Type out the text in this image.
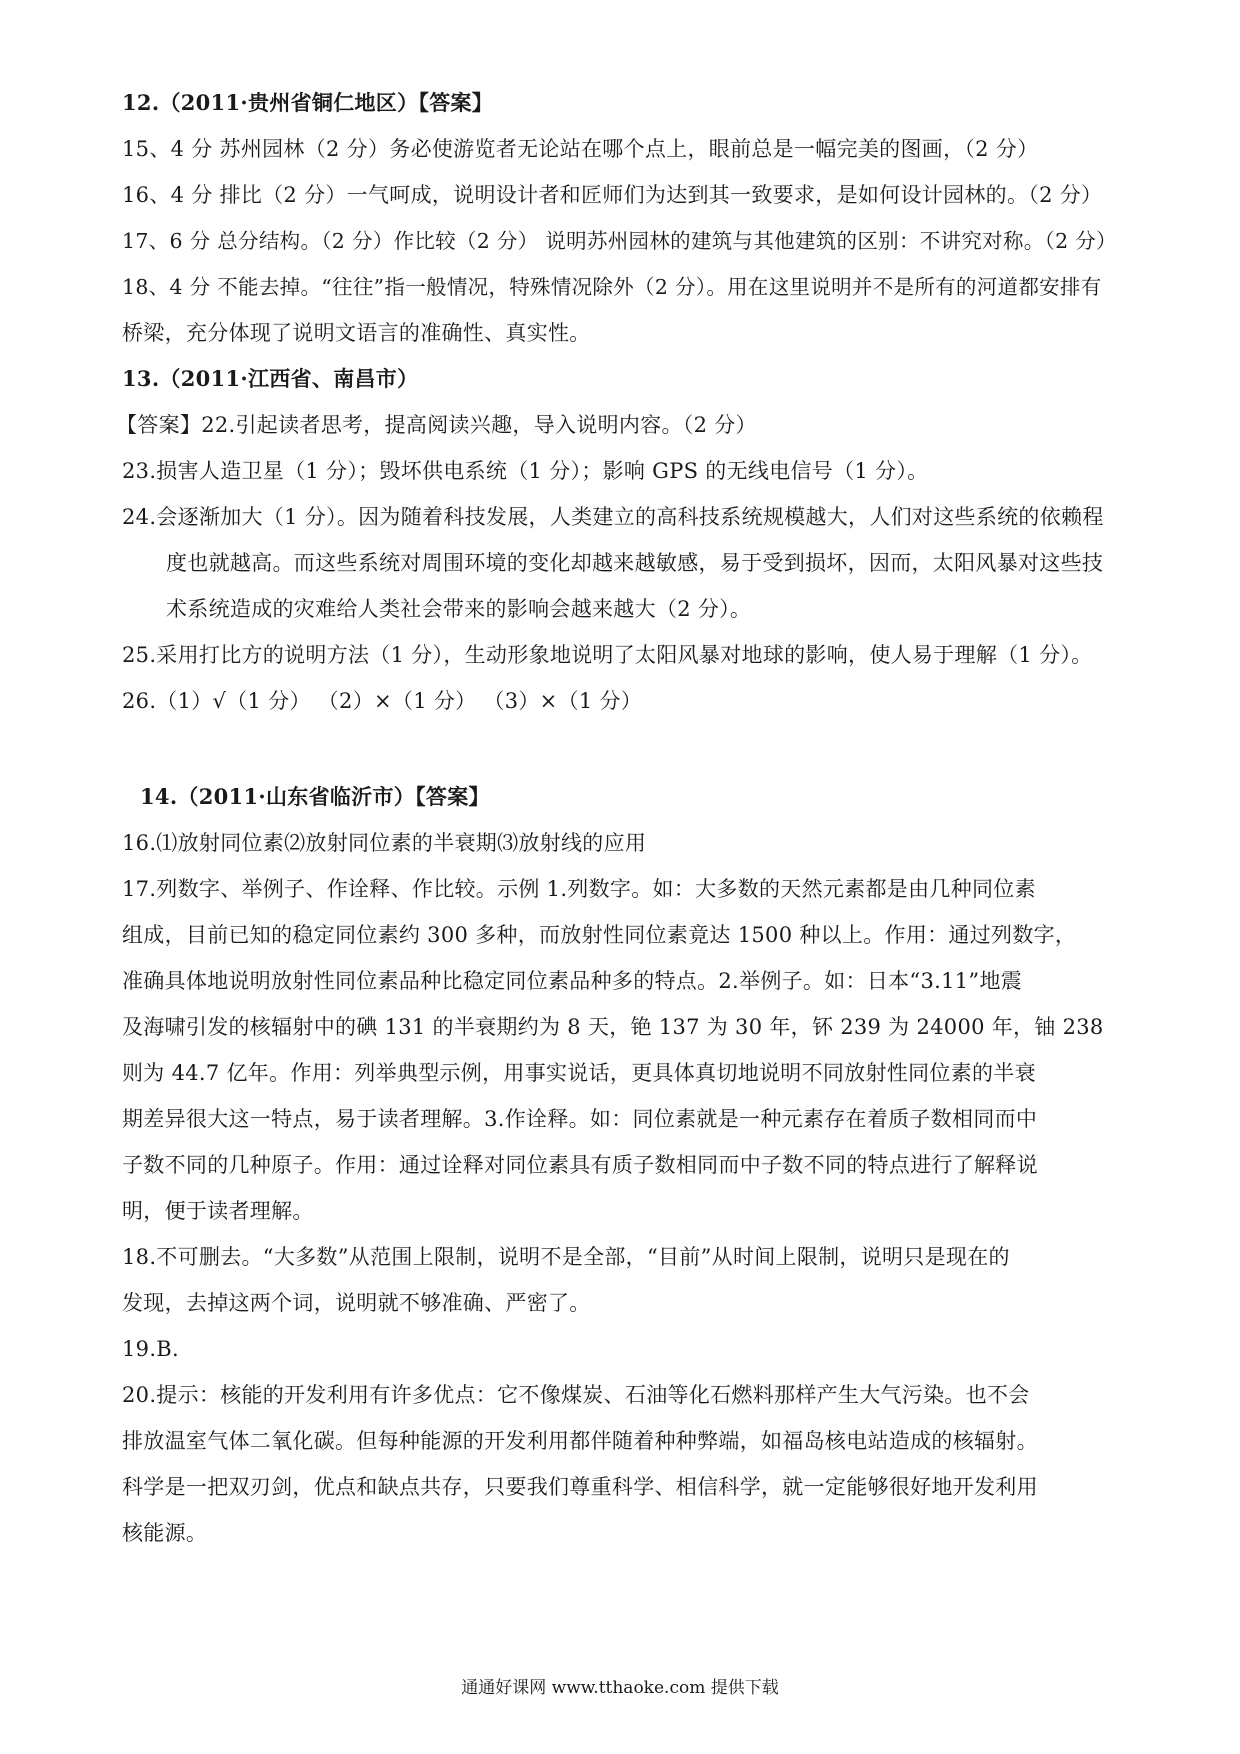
12.（2011·贵州省铜仁地区）【答案】
15、4 分 苏州园林（2 分）务必使游览者无论站在哪个点上，眼前总是一幅完美的图画，（2 分）
16、4 分 排比（2 分）一气呵成，说明设计者和匠师们为达到其一致要求，是如何设计园林的。（2 分）
17、6 分 总分结构。（2 分）作比较（2 分） 说明苏州园林的建筑与其他建筑的区别：不讲究对称。（2 分）
18、4 分 不能去掉。“往往”指一般情况，特殊情况除外（2 分）。用在这里说明并不是所有的河道都安排有
桥梁，充分体现了说明文语言的准确性、真实性。
13.（2011·江西省、南昌市）
【答案】22.引起读者思考，提高阅读兴趣，导入说明内容。（2 分）
23.损害人造卫星（1 分）；毁坏供电系统（1 分）；影响 GPS 的无线电信号（1 分）。
24.会逐渐加大（1 分）。因为随着科技发展，人类建立的高科技系统规模越大，人们对这些系统的依赖程
度也就越高。而这些系统对周围环境的变化却越来越敏感，易于受到损坏，因而，太阳风暴对这些技
术系统造成的灾难给人类社会带来的影响会越来越大（2 分）。
25.采用打比方的说明方法（1 分），生动形象地说明了太阳风暴对地球的影响，使人易于理解（1 分）。
26.（1）√（1 分） （2）×（1 分） （3）×（1 分）
14.（2011·山东省临沂市）【答案】
16.⑴放射同位素⑵放射同位素的半衰期⑶放射线的应用
17.列数字、举例子、作诠释、作比较。示例 1.列数字。如：大多数的天然元素都是由几种同位素
组成，目前已知的稳定同位素约 300 多种，而放射性同位素竟达 1500 种以上。作用：通过列数字，
准确具体地说明放射性同位素品种比稳定同位素品种多的特点。2.举例子。如：日本“3.11”地震
及海啸引发的核辐射中的碘 131 的半衰期约为 8 天，铯 137 为 30 年，钚 239 为 24000 年，铀 238
则为 44.7 亿年。作用：列举典型示例，用事实说话，更具体真切地说明不同放射性同位素的半衰
期差异很大这一特点，易于读者理解。3.作诠释。如：同位素就是一种元素存在着质子数相同而中
子数不同的几种原子。作用：通过诠释对同位素具有质子数相同而中子数不同的特点进行了解释说
明，便于读者理解。
18.不可删去。“大多数”从范围上限制，说明不是全部，“目前”从时间上限制，说明只是现在的
发现，去掉这两个词，说明就不够准确、严密了。
19.B.
20.提示：核能的开发利用有许多优点：它不像煤炭、石油等化石燃料那样产生大气污染。也不会
排放温室气体二氧化碳。但每种能源的开发利用都伴随着种种弊端，如福岛核电站造成的核辐射。
科学是一把双刃剑，优点和缺点共存，只要我们尊重科学、相信科学，就一定能够很好地开发利用
核能源。
通通好课网 www.tthaoke.com 提供下载
